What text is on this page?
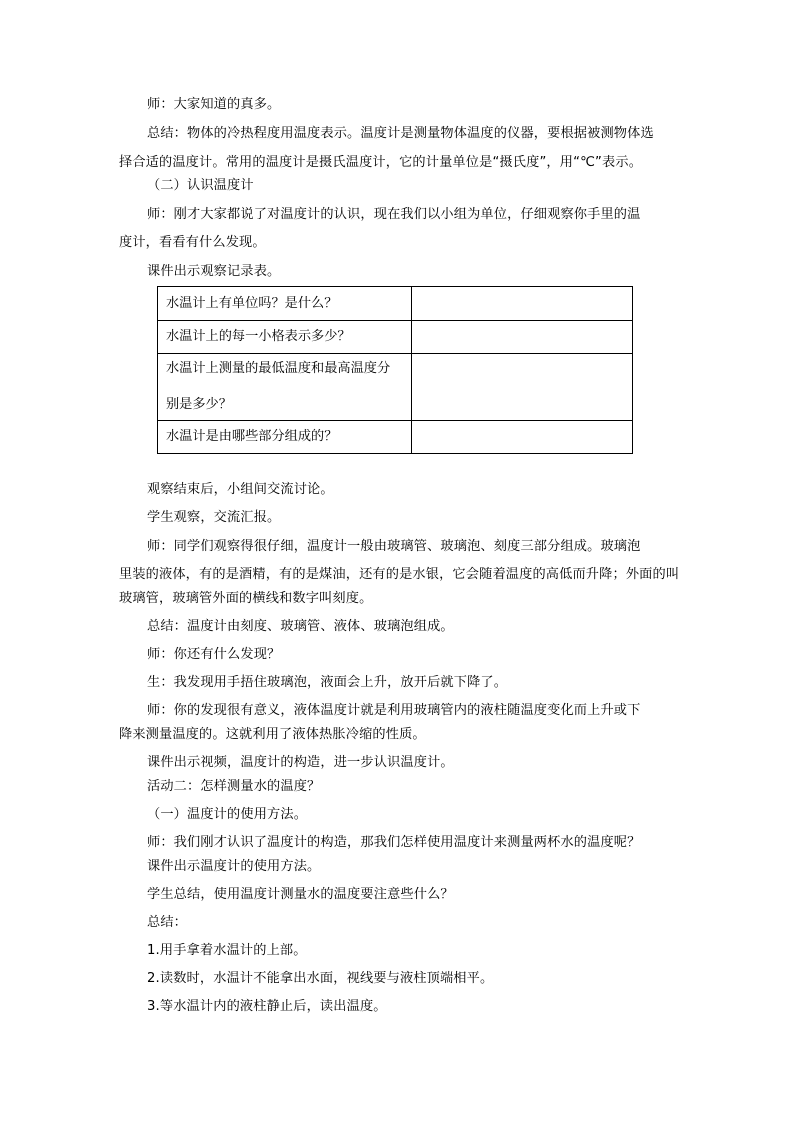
师：大家知道的真多。
总结：物体的冷热程度用温度表示。温度计是测量物体温度的仪器，要根据被测物体选
择合适的温度计。常用的温度计是摄氏温度计，它的计量单位是“摄氏度”，用“℃”表示。
（二）认识温度计
师：刚才大家都说了对温度计的认识，现在我们以小组为单位，仔细观察你手里的温
度计，看看有什么发现。
课件出示观察记录表。
水温计上有单位吗？是什么？	
水温计上的每一小格表示多少？	

水温计上测量的最低温度和最高温度分
别是多少？	

水温计是由哪些部分组成的？	
观察结束后，小组间交流讨论。
学生观察，交流汇报。
师：同学们观察得很仔细，温度计一般由玻璃管、玻璃泡、刻度三部分组成。玻璃泡
里装的液体，有的是酒精，有的是煤油，还有的是水银，它会随着温度的高低而升降；外面的叫
玻璃管，玻璃管外面的横线和数字叫刻度。
总结：温度计由刻度、玻璃管、液体、玻璃泡组成。
师：你还有什么发现？
生：我发现用手捂住玻璃泡，液面会上升，放开后就下降了。
师：你的发现很有意义，液体温度计就是利用玻璃管内的液柱随温度变化而上升或下
降来测量温度的。这就利用了液体热胀冷缩的性质。
课件出示视频，温度计的构造，进一步认识温度计。
活动二：怎样测量水的温度？
（一）温度计的使用方法。
师：我们刚才认识了温度计的构造，那我们怎样使用温度计来测量两杯水的温度呢？
课件出示温度计的使用方法。
学生总结，使用温度计测量水的温度要注意些什么？
总结：
1.用手拿着水温计的上部。
2.读数时，水温计不能拿出水面，视线要与液柱顶端相平。
3.等水温计内的液柱静止后，读出温度。
